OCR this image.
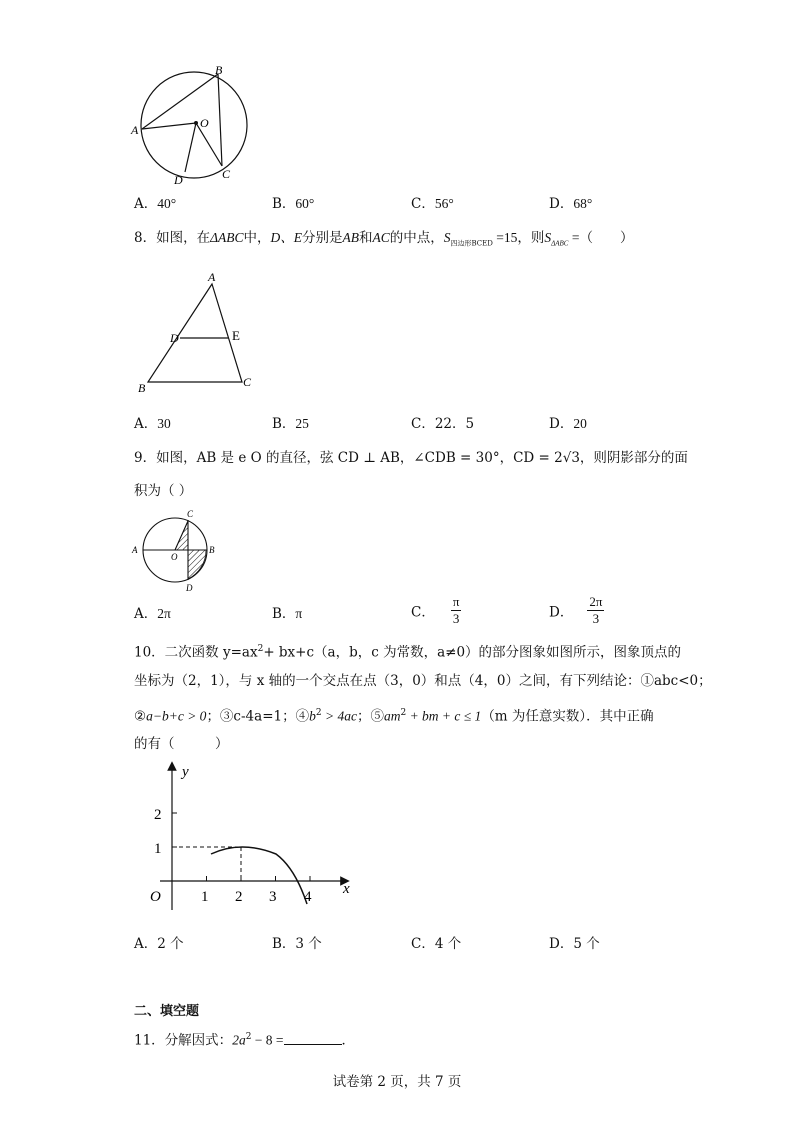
B
A	O
D	C
A．40°	B．60°	C．56°	D．68°
8．如图，在ΔABC中，D、E分别是AB和AC的中点，$S_{四边形BCED} =15$，则$S_{\Delta ABC}$ =（　　）
A
D	E
B	C
A．30	B．25	C．22．5	D．20
9．如图，AB 是 e O 的直径，弦 CD ⊥ AB，∠CDB = 30°，CD = 2√3，则阴影部分的面
积为（ ）
C
A
O
B
D
A．2π	B．π	C． $\frac{\pi}{3}$	D． $\frac{2\pi}{3}$
10．二次函数 $y=ax^2+ bx+c(a$，b，c 为常数，a≠0）的部分图象如图所示，图象顶点的
坐标为（2，1），与 x 轴的一个交点在点（3，0）和点（4，0）之间，有下列结论：①abc<0；
②a−b+c > 0；③c-4a=1；$④b^2 > 4ac$；$⑤am^2$ + bm + c ≤ 1（m 为任意实数）．其中正确
的有（　　　）
y
x
O
2
1
1 2 3 4
A．2 个	B．3 个	C．4 个	D．5 个
二、填空题
11．分解因式：$2a^2 - 8$ =	．
试卷第 2 页，共 7 页
